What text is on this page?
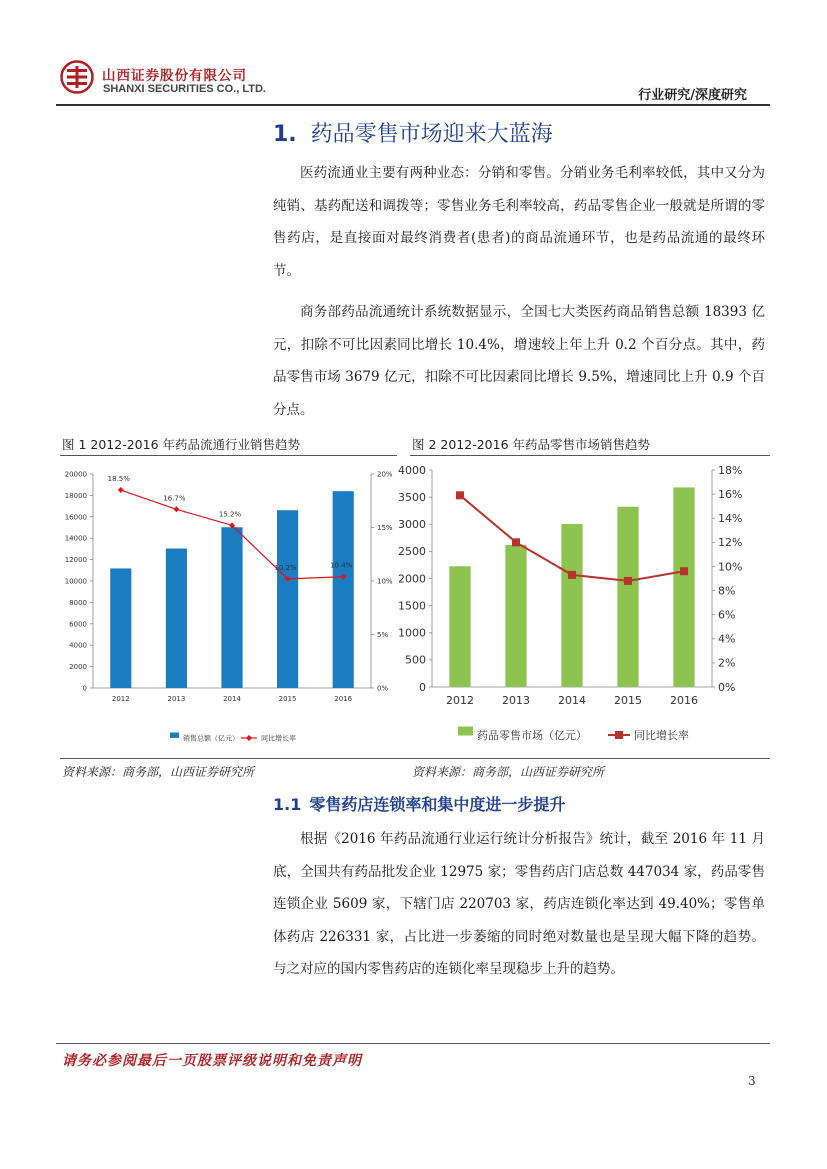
山西证券股份有限公司
SHANXI SECURITIES CO., LTD.	行业研究/深度研究
1. 药品零售市场迎来大蓝海
医药流通业主要有两种业态：分销和零售。分销业务毛利率较低，其中又分为纯销、基药配送和调拨等；零售业务毛利率较高，药品零售企业一般就是所谓的零售药店，是直接面对最终消费者(患者)的商品流通环节，也是药品流通的最终环节。
商务部药品流通统计系统数据显示，全国七大类医药商品销售总额 18393 亿元，扣除不可比因素同比增长 10.4%，增速较上年上升 0.2 个百分点。其中，药品零售市场 3679 亿元，扣除不可比因素同比增长 9.5%，增速同比上升 0.9 个百分点。
图 1 2012-2016 年药品流通行业销售趋势	图 2 2012-2016 年药品零售市场销售趋势
0
2000
4000
6000
8000
10000
12000
14000
16000
18000
20000
0%
5%
10%
15%
20%
2012	2013	2014	2015	2016
18.5%
16.7%
15.2%
10.2%	10.4%
销售总额（亿元）	同比增长率
0
500
1000
1500
2000
2500
3000
3500
4000
0%
2%
4%
6%
8%
10%
12%
14%
16%
18%
2012	2013	2014	2015	2016
药品零售市场（亿元）	同比增长率
资料来源：商务部，山西证券研究所	资料来源：商务部，山西证券研究所
1.1 零售药店连锁率和集中度进一步提升
根据《2016 年药品流通行业运行统计分析报告》统计，截至 2016 年 11 月底，全国共有药品批发企业 12975 家；零售药店门店总数 447034 家，药品零售连锁企业 5609 家，下辖门店 220703 家，药店连锁化率达到 49.40%；零售单体药店 226331 家，占比进一步萎缩的同时绝对数量也是呈现大幅下降的趋势。与之对应的国内零售药店的连锁化率呈现稳步上升的趋势。
请务必参阅最后一页股票评级说明和免责声明
3
